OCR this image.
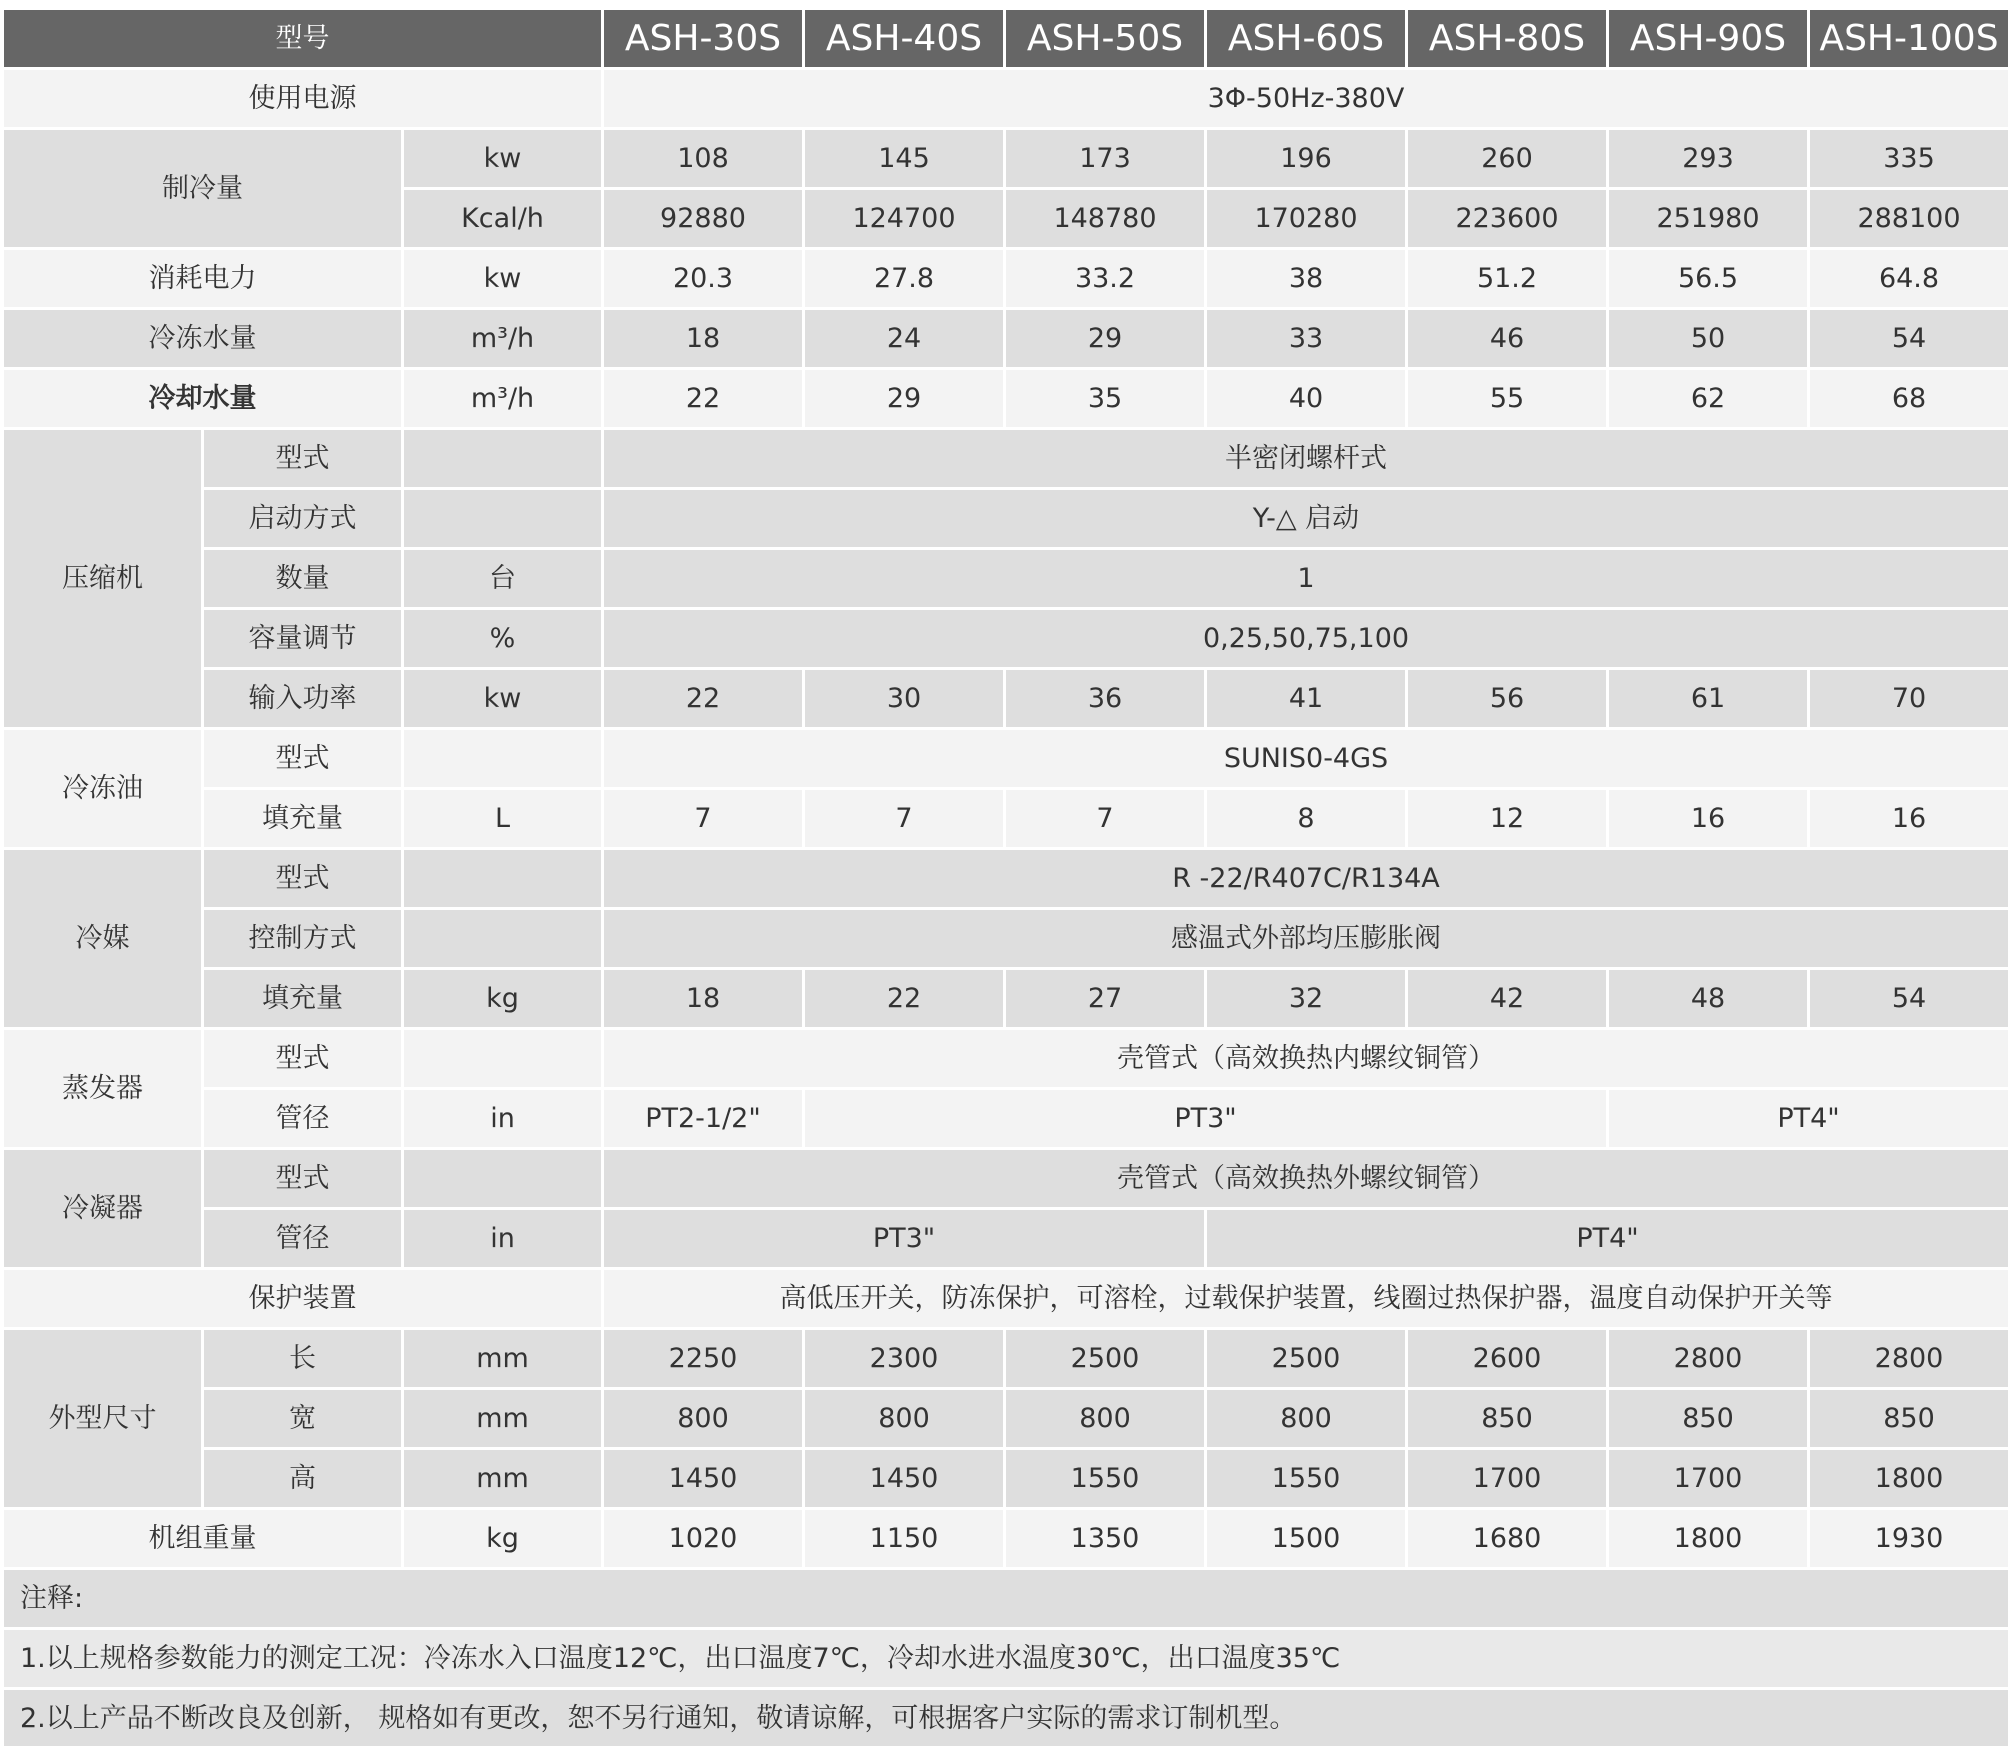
型号	ASH-30S	ASH-40S	ASH-50S	ASH-60S	ASH-80S	ASH-90S ASH-100S
使用电源	3Φ-50Hz-380V
制冷量
kw	108	145	173	196	260	293	335
Kcal/h	92880	124700	148780	170280	223600	251980	288100
消耗电力	kw	20.3	27.8	33.2	38	51.2	56.5	64.8
冷冻水量	m³/h	18	24	29	33	46	50	54
冷却水量	m³/h	22	29	35	40	55	62	68
压缩机
型式	半密闭螺杆式
启动方式	Y-△ 启动
数量	台	1
容量调节	%	0,25,50,75,100
输入功率	kw	22	30	36	41	56	61	70
冷冻油
型式	SUNIS0-4GS
填充量	L	7	7	7	8	12	16	16
冷媒
型式	R -22/R407C/R134A
控制方式	感温式外部均压膨胀阀
填充量	kg	18	22	27	32	42	48	54
蒸发器
型式	壳管式（高效换热内螺纹铜管）
管径	in	PT2-1/2"	PT3"	PT4"
冷凝器
型式	壳管式（高效换热外螺纹铜管）
管径	in	PT3"	PT4"
保护装置	高低压开关，防冻保护，可溶栓，过载保护装置，线圈过热保护器，温度自动保护开关等
外型尺寸
长	mm	2250	2300	2500	2500	2600	2800	2800
宽	mm	800	800	800	800	850	850	850
高	mm	1450	1450	1550	1550	1700	1700	1800
机组重量	kg	1020	1150	1350	1500	1680	1800	1930
注释:
1.以上规格参数能力的测定工况：冷冻水入口温度12℃，出口温度7℃，冷却水进水温度30℃，出口温度35℃
2.以上产品不断改良及创新， 规格如有更改，恕不另行通知，敬请谅解，可根据客户实际的需求订制机型。
